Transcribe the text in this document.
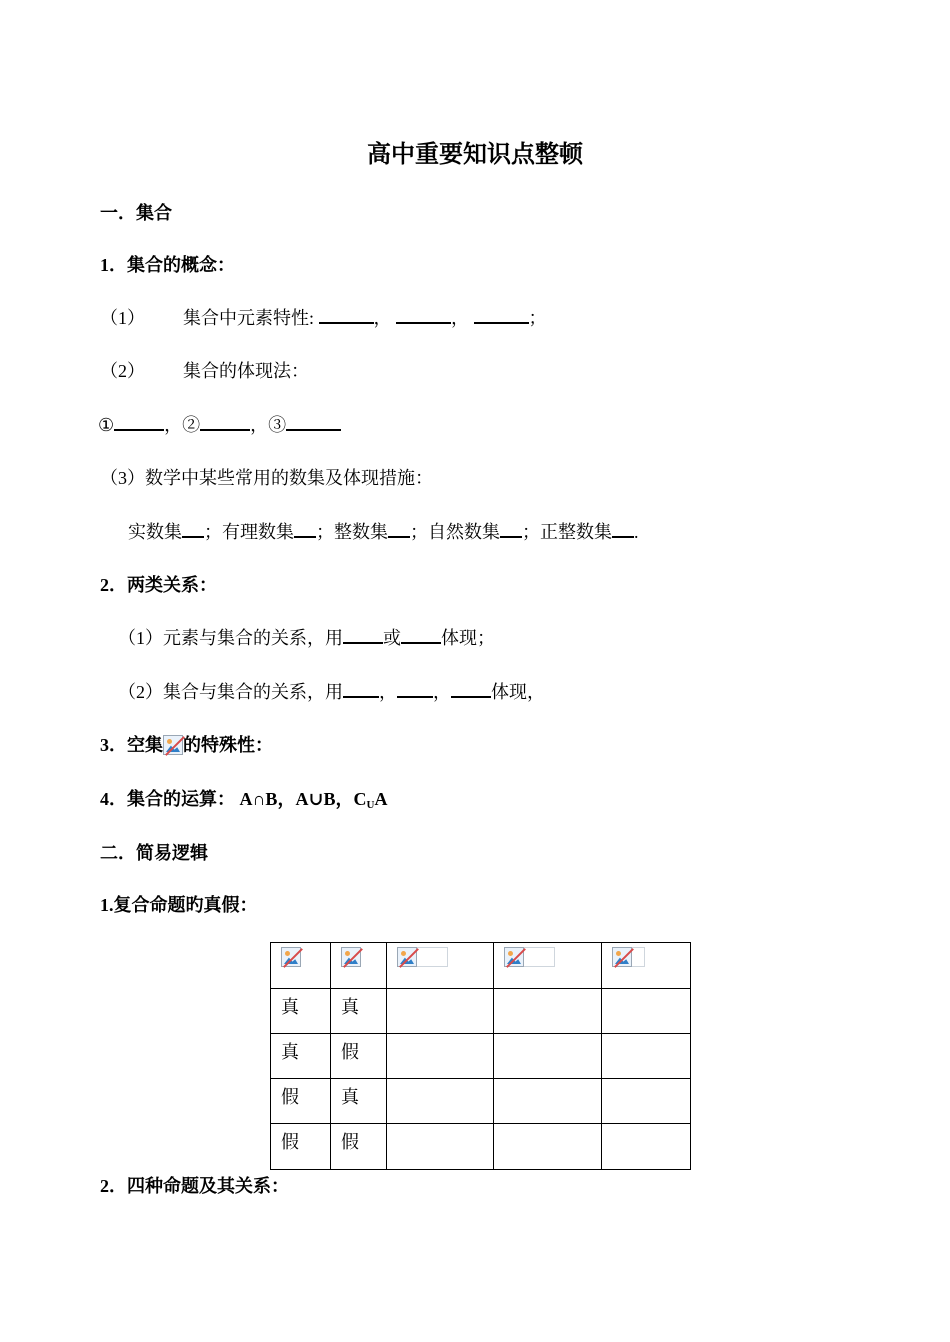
高中重要知识点整顿
一．集合
1．集合的概念：
（1） 集合中元素特性:	，	，	；
（2） 集合的体现法：
①	，②	，③
（3）数学中某些常用的数集及体现措施：
实数集 ；有理数集 ；整数集 ；自然数集 ；正整数集 .
2．两类关系：
（1）元素与集合的关系，用 或 体现；
（2）集合与集合的关系，用 ， ， 体现，
3．空集 的特殊性：
4．集合的运算： A∩B，A∪B，$C_UA$
二．简易逻辑
1.复合命题旳真假：

真	真			
真	假			
假	真			
假	假			
2．四种命题及其关系：
